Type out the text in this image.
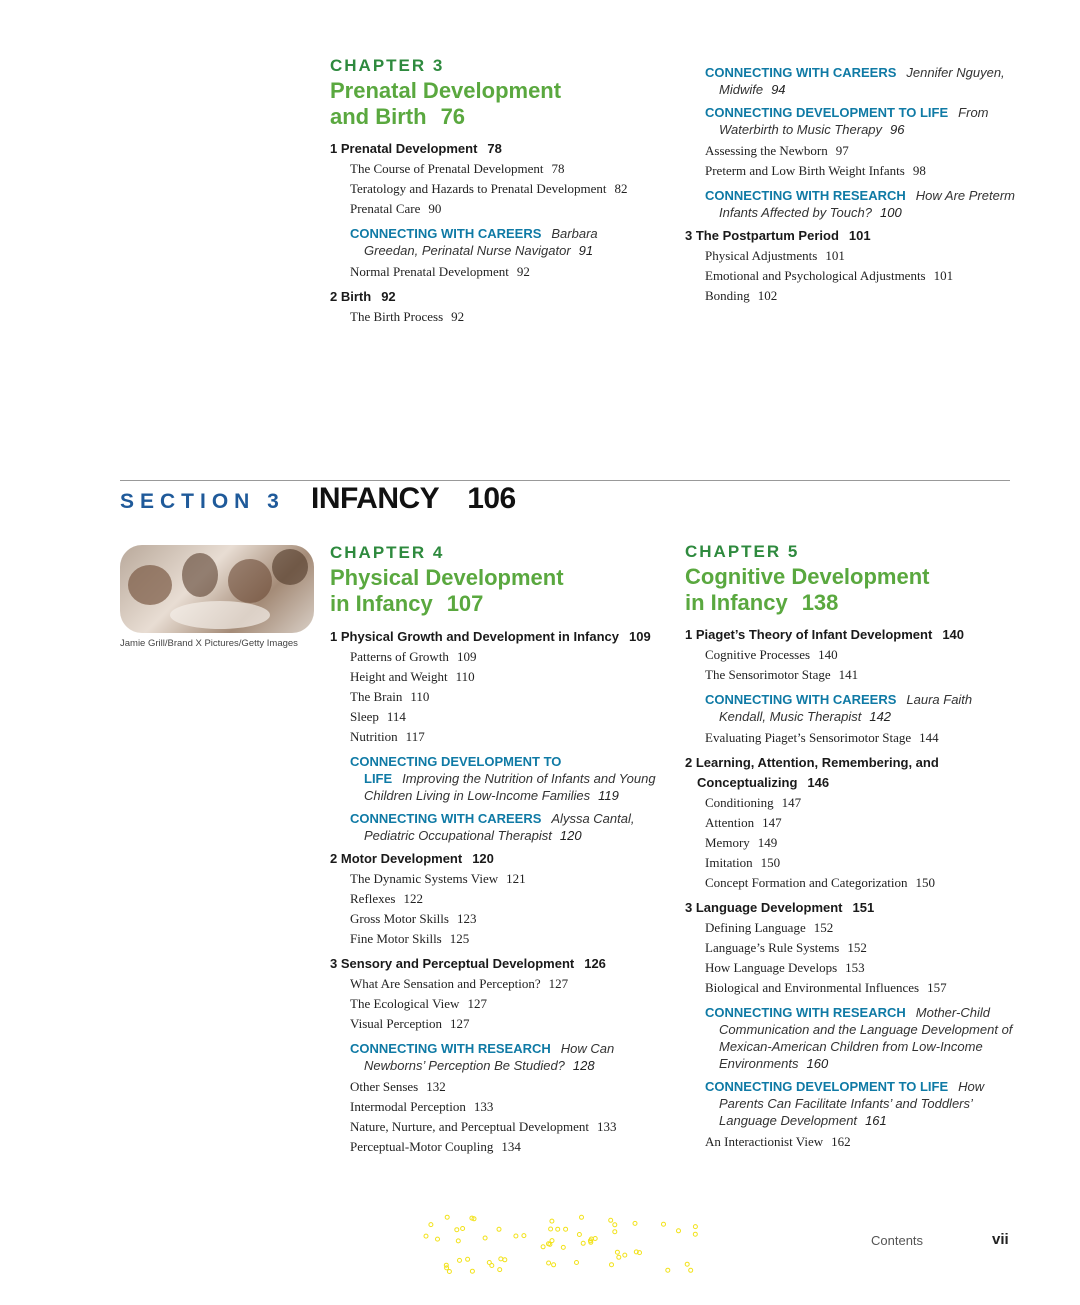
CHAPTER 3
Prenatal Development
and Birth 76
1 Prenatal Development 78
The Course of Prenatal Development 78
Teratology and Hazards to Prenatal Development 82
Prenatal Care 90
CONNECTING WITH CAREERS Barbara Greedan, Perinatal Nurse Navigator 91
Normal Prenatal Development 92
2 Birth 92
The Birth Process 92
CONNECTING WITH CAREERS Jennifer Nguyen, Midwife 94
CONNECTING DEVELOPMENT TO LIFE From Waterbirth to Music Therapy 96
Assessing the Newborn 97
Preterm and Low Birth Weight Infants 98
CONNECTING WITH RESEARCH How Are Preterm Infants Affected by Touch? 100
3 The Postpartum Period 101
Physical Adjustments 101
Emotional and Psychological Adjustments 101
Bonding 102
SECTION 3 INFANCY 106
Jamie Grill/Brand X Pictures/Getty Images
CHAPTER 4
Physical Development
in Infancy 107
1 Physical Growth and Development in Infancy 109
Patterns of Growth 109
Height and Weight 110
The Brain 110
Sleep 114
Nutrition 117
CONNECTING DEVELOPMENT TO LIFE Improving the Nutrition of Infants and Young Children Living in Low-Income Families 119
CONNECTING WITH CAREERS Alyssa Cantal, Pediatric Occupational Therapist 120
2 Motor Development 120
The Dynamic Systems View 121
Reflexes 122
Gross Motor Skills 123
Fine Motor Skills 125
3 Sensory and Perceptual Development 126
What Are Sensation and Perception? 127
The Ecological View 127
Visual Perception 127
CONNECTING WITH RESEARCH How Can Newborns’ Perception Be Studied? 128
Other Senses 132
Intermodal Perception 133
Nature, Nurture, and Perceptual Development 133
Perceptual-Motor Coupling 134
CHAPTER 5
Cognitive Development
in Infancy 138
1 Piaget’s Theory of Infant Development 140
Cognitive Processes 140
The Sensorimotor Stage 141
CONNECTING WITH CAREERS Laura Faith Kendall, Music Therapist 142
Evaluating Piaget’s Sensorimotor Stage 144
2 Learning, Attention, Remembering, and Conceptualizing 146
Conditioning 147
Attention 147
Memory 149
Imitation 150
Concept Formation and Categorization 150
3 Language Development 151
Defining Language 152
Language’s Rule Systems 152
How Language Develops 153
Biological and Environmental Influences 157
CONNECTING WITH RESEARCH Mother-Child Communication and the Language Development of Mexican-American Children from Low-Income Environments 160
CONNECTING DEVELOPMENT TO LIFE How Parents Can Facilitate Infants’ and Toddlers’ Language Development 161
An Interactionist View 162
Contents	vii
